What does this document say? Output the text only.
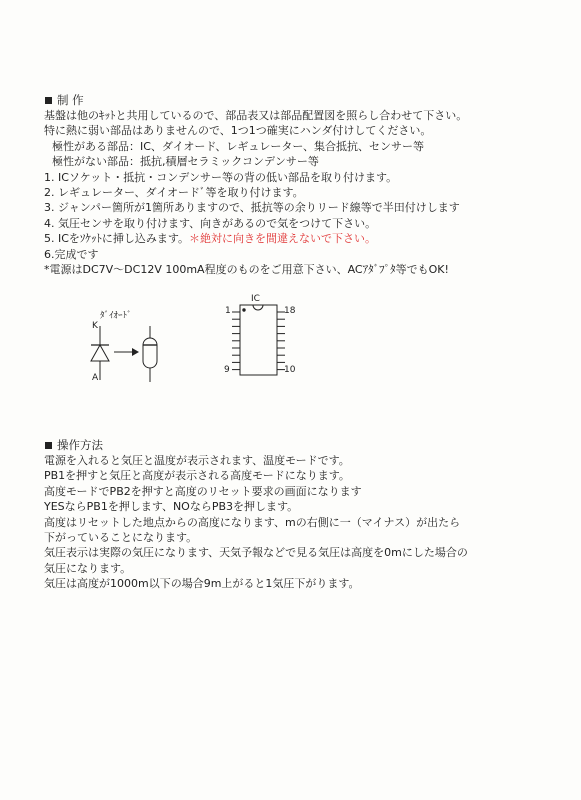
制 作
基盤は他のｷｯﾄと共用しているので、部品表又は部品配置図を照らし合わせて下さい。
特に熱に弱い部品はありませんので、1つ1つ確実にハンダ付けしてください。
極性がある部品：IC、ダイオード、レギュレーター、集合抵抗、センサー等
極性がない部品：抵抗,積層セラミックコンデンサー等
1. ICソケット・抵抗・コンデンサー等の背の低い部品を取り付けます。
2. レギュレーター、ダイオードﾞ等を取り付けます。
3. ジャンパー箇所が1箇所ありますので、抵抗等の余りリード線等で半田付けします
4. 気圧センサを取り付けます、向きがあるので気をつけて下さい。
5. ICをｿｹｯﾄに挿し込みます。＊絶対に向きを間違えないで下さい。
6.完成です
*電源はDC7V～DC12V 100mA程度のものをご用意下さい、ACｱﾀﾞﾌﾟﾀ等でもOK!
ﾀﾞｲｵｰﾄﾞ
K
A
IC
1
9
18
10
操作方法
電源を入れると気圧と温度が表示されます、温度モードです。
PB1を押すと気圧と高度が表示される高度モードになります。
高度モードでPB2を押すと高度のリセット要求の画面になります
YESならPB1を押します、NOならPB3を押します。
高度はリセットした地点からの高度になります、mの右側に一（マイナス）が出たら
下がっていることになります。
気圧表示は実際の気圧になります、天気予報などで見る気圧は高度を0mにした場合の
気圧になります。
気圧は高度が1000m以下の場合9m上がると1気圧下がります。
